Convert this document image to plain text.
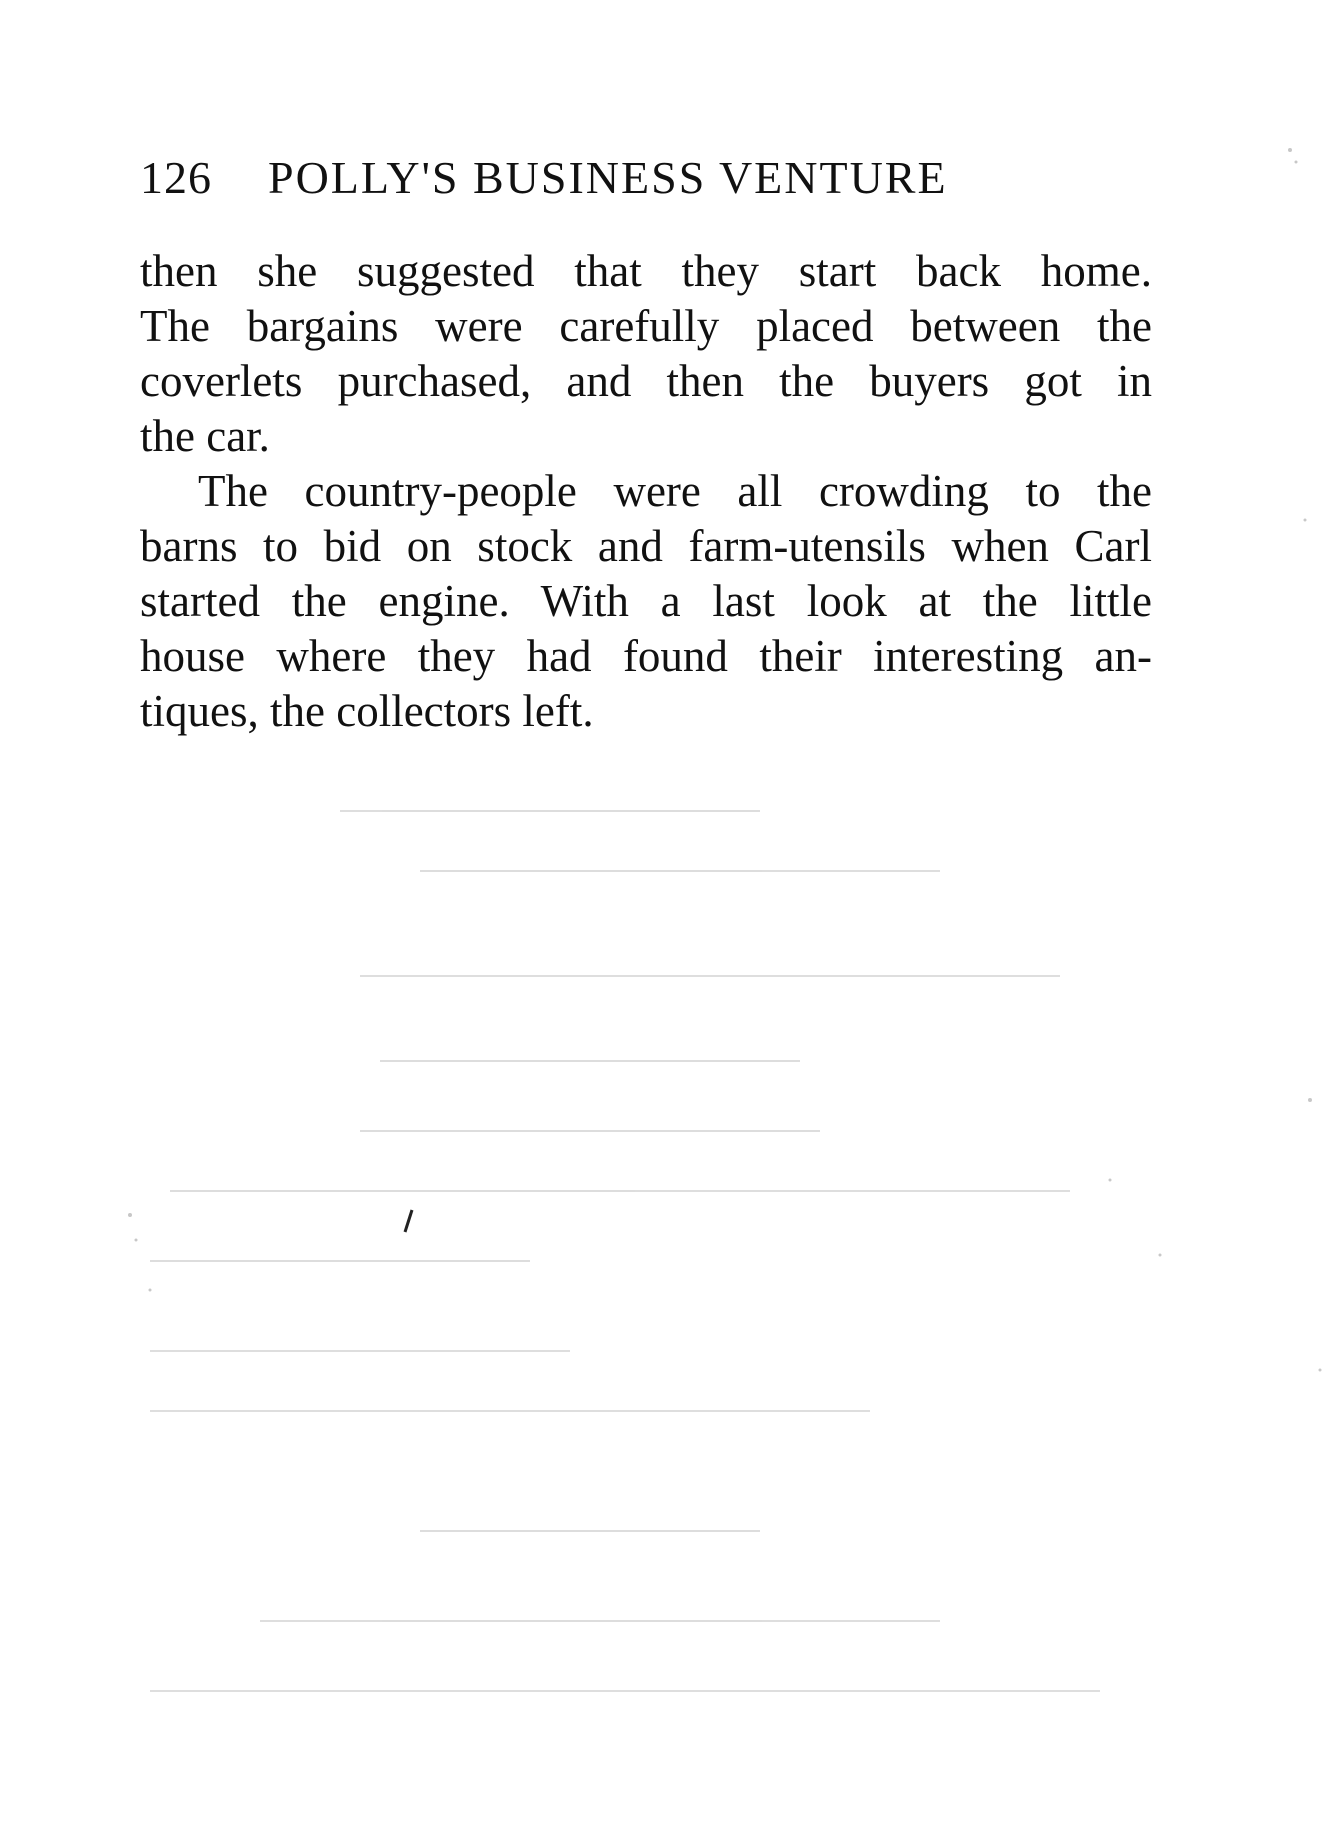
126 POLLY'S BUSINESS VENTURE

then she suggested that they start back home.
The bargains were carefully placed between the
coverlets purchased, and then the buyers got in
the car.

The country-people were all crowding to the
barns to bid on stock and farm-utensils when Carl
started the engine. With a last look at the little
house where they had found their interesting an-
tiques, the collectors left.
